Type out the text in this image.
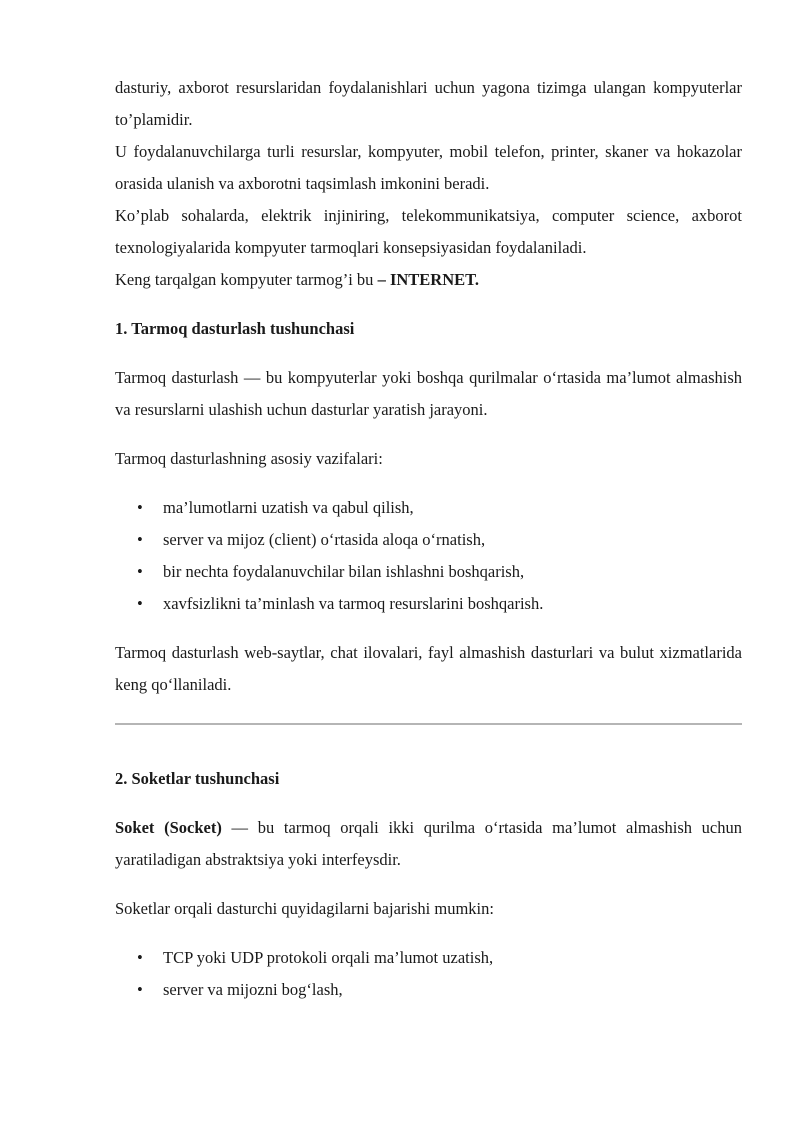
dasturiy, axborot resurslaridan foydalanishlari uchun yagona tizimga ulangan kompyuterlar to’plamidir.

U foydalanuvchilarga turli resurslar, kompyuter, mobil telefon, printer, skaner va hokazolar orasida ulanish va axborotni taqsimlash imkonini beradi.

Ko’plab sohalarda, elektrik injiniring, telekommunikatsiya, computer science, axborot texnologiyalarida kompyuter tarmoqlari konsepsiyasidan foydalaniladi.

Keng tarqalgan kompyuter tarmog’i bu – INTERNET.

1. Tarmoq dasturlash tushunchasi

Tarmoq dasturlash — bu kompyuterlar yoki boshqa qurilmalar o‘rtasida ma’lumot almashish va resurslarni ulashish uchun dasturlar yaratish jarayoni.

Tarmoq dasturlashning asosiy vazifalari:

• ma’lumotlarni uzatish va qabul qilish,
• server va mijoz (client) o‘rtasida aloqa o‘rnatish,
• bir nechta foydalanuvchilar bilan ishlashni boshqarish,
• xavfsizlikni ta’minlash va tarmoq resurslarini boshqarish.

Tarmoq dasturlash web-saytlar, chat ilovalari, fayl almashish dasturlari va bulut xizmatlarida keng qo‘llaniladi.

2. Soketlar tushunchasi

Soket (Socket) — bu tarmoq orqali ikki qurilma o‘rtasida ma’lumot almashish uchun yaratiladigan abstraktsiya yoki interfeysdir.

Soketlar orqali dasturchi quyidagilarni bajarishi mumkin:

• TCP yoki UDP protokoli orqali ma’lumot uzatish,
• server va mijozni bog‘lash,
